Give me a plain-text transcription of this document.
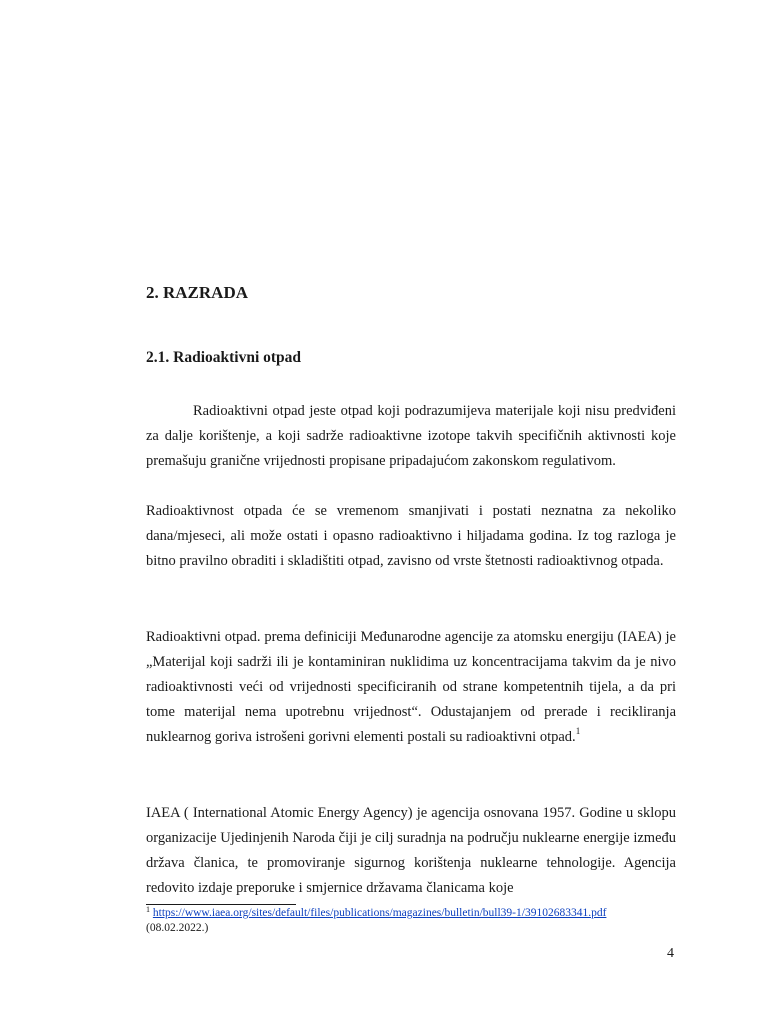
2. RAZRADA
2.1. Radioaktivni otpad

Radioaktivni otpad jeste otpad koji podrazumijeva materijale koji nisu predviđeni za dalje korištenje, a koji sadrže radioaktivne izotope takvih specifičnih aktivnosti koje premašuju granične vrijednosti propisane pripadajućom zakonskom regulativom.

Radioaktivnost otpada će se vremenom smanjivati i postati neznatna za nekoliko dana/mjeseci, ali može ostati i opasno radioaktivno i hiljadama godina. Iz tog razloga je bitno pravilno obraditi i skladištiti otpad, zavisno od vrste štetnosti radioaktivnog otpada.

Radioaktivni otpad. prema definiciji Međunarodne agencije za atomsku energiju (IAEA) je „Materijal koji sadrži ili je kontaminiran nuklidima uz koncentracijama takvim da je nivo radioaktivnosti veći od vrijednosti specificiranih od strane kompetentnih tijela, a da pri tome materijal nema upotrebnu vrijednost“. Odustajanjem od prerade i recikliranja nuklearnog goriva istrošeni gorivni elementi postali su radioaktivni otpad.$^1$

IAEA ( International Atomic Energy Agency) je agencija osnovana 1957. Godine u sklopu organizacije Ujedinjenih Naroda čiji je cilj suradnja na području nuklearne energije između država članica, te promoviranje sigurnog korištenja nuklearne tehnologije. Agencija redovito izdaje preporuke i smjernice državama članicama koje

$^1$ https://www.iaea.org/sites/default/files/publications/magazines/bulletin/bull39-1/39102683341.pdf
(08.02.2022.)
4
